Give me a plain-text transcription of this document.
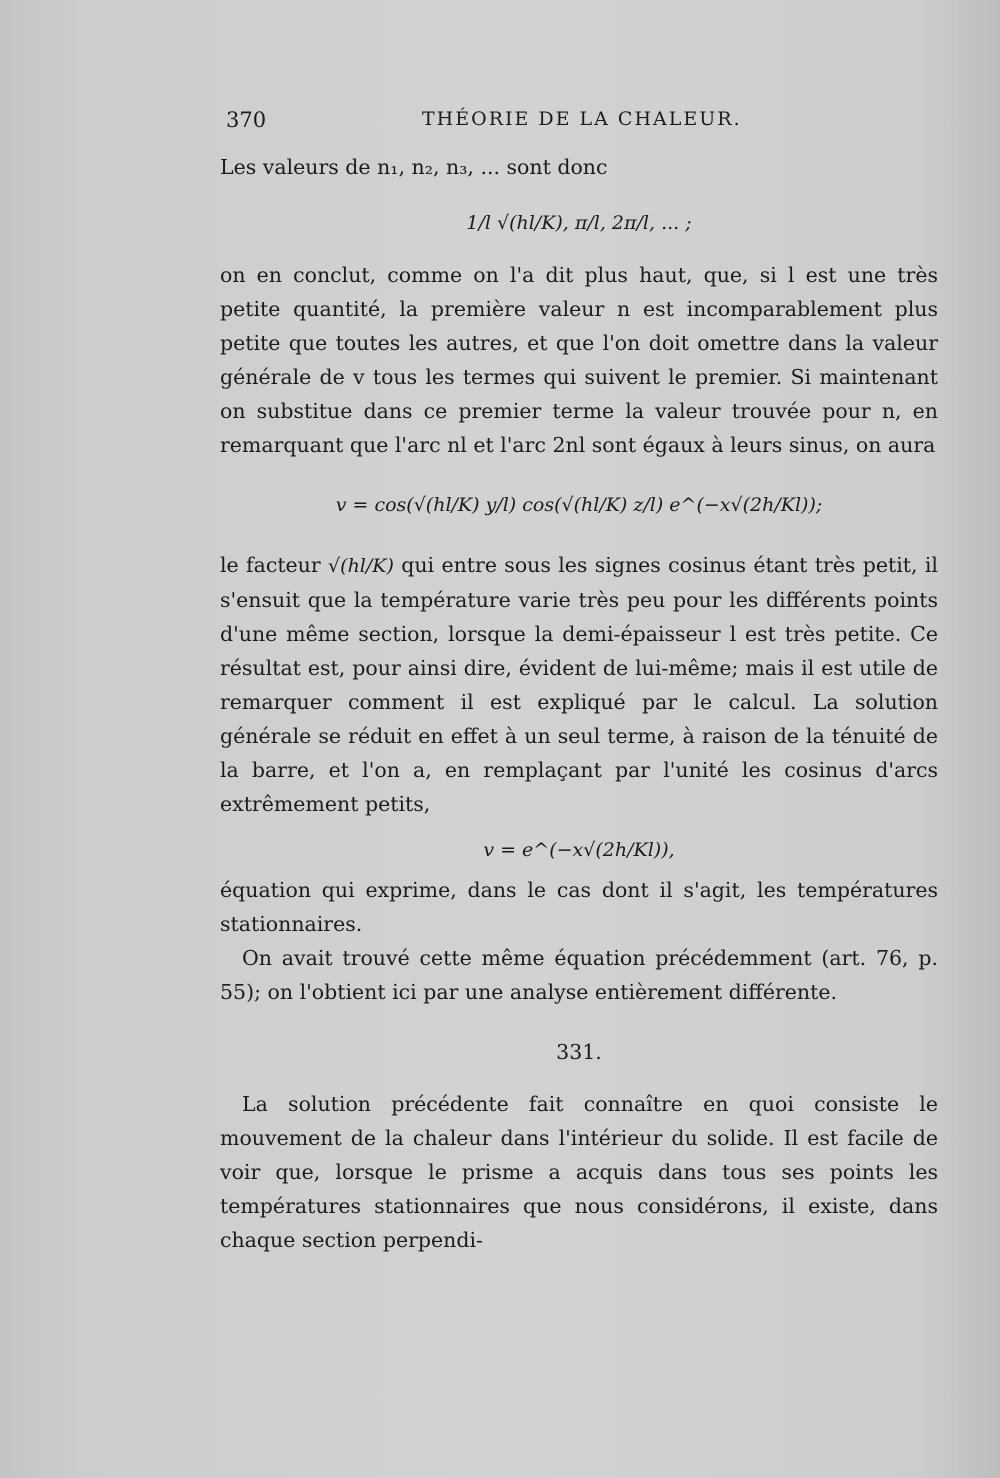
370	THÉORIE DE LA CHALEUR.

Les valeurs de n₁, n₂, n₃, ... sont donc

1/l √(hl/K), π/l, 2π/l, ... ;

on en conclut, comme on l'a dit plus haut, que, si l est une très petite quantité, la première valeur n est incomparablement plus petite que toutes les autres, et que l'on doit omettre dans la valeur générale de v tous les termes qui suivent le premier. Si maintenant on substitue dans ce premier terme la valeur trouvée pour n, en remarquant que l'arc nl et l'arc 2nl sont égaux à leurs sinus, on aura

v = cos(√(hl/K) y/l) cos(√(hl/K) z/l) e^(−x√(2h/Kl));

le facteur √(hl/K) qui entre sous les signes cosinus étant très petit, il s'ensuit que la température varie très peu pour les différents points d'une même section, lorsque la demi-épaisseur l est très petite. Ce résultat est, pour ainsi dire, évident de lui-même; mais il est utile de remarquer comment il est expliqué par le calcul. La solution générale se réduit en effet à un seul terme, à raison de la ténuité de la barre, et l'on a, en remplaçant par l'unité les cosinus d'arcs extrêmement petits,

v = e^(−x√(2h/Kl)),

équation qui exprime, dans le cas dont il s'agit, les températures stationnaires.

On avait trouvé cette même équation précédemment (art. 76, p. 55); on l'obtient ici par une analyse entièrement différente.

331.

La solution précédente fait connaître en quoi consiste le mouvement de la chaleur dans l'intérieur du solide. Il est facile de voir que, lorsque le prisme a acquis dans tous ses points les températures stationnaires que nous considérons, il existe, dans chaque section perpendi-
